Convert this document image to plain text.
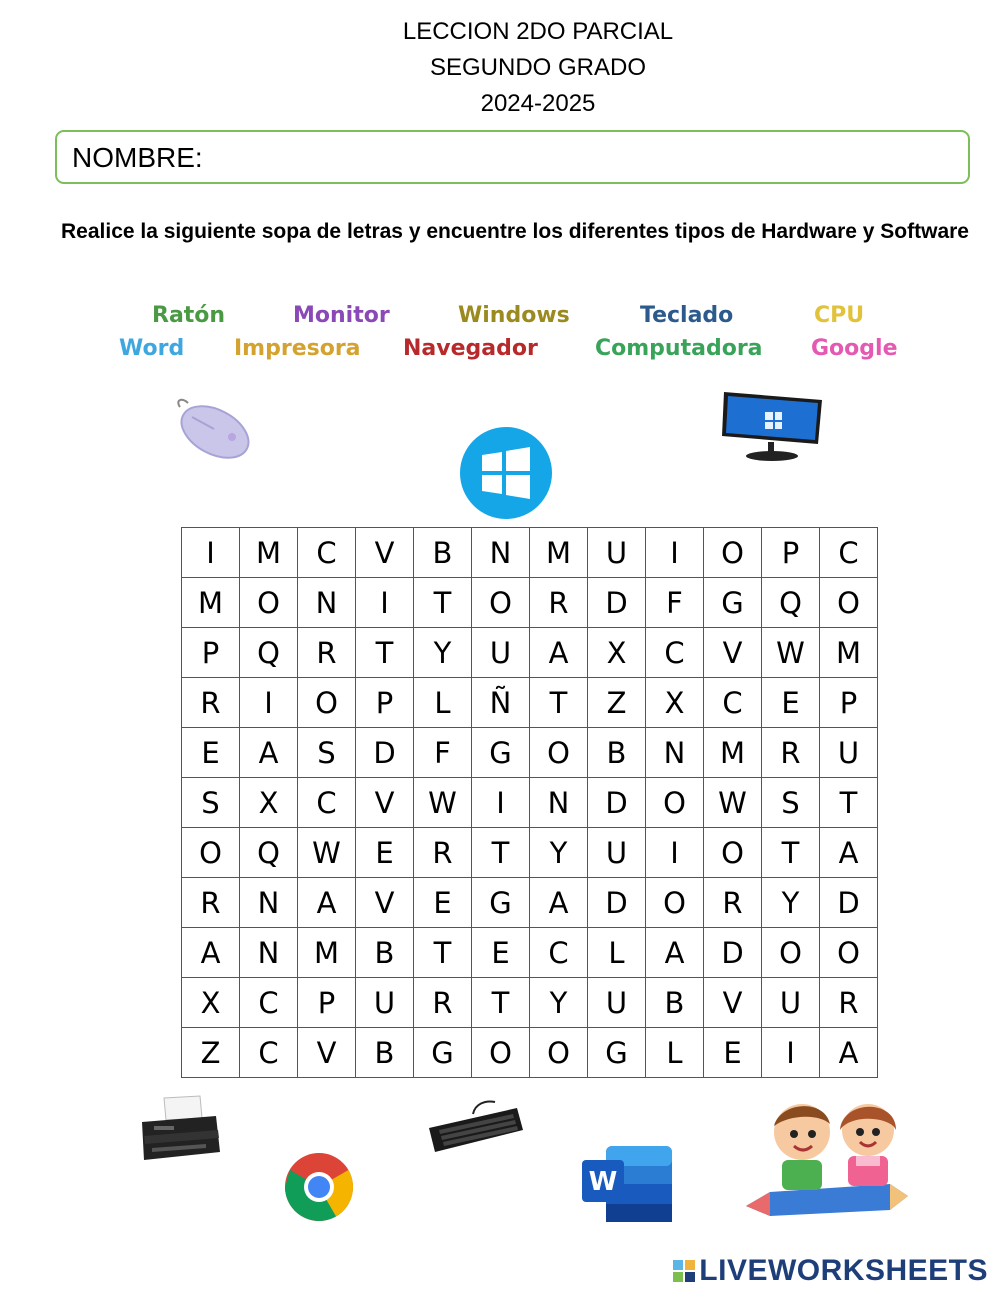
LECCION 2DO PARCIAL
SEGUNDO GRADO
2024-2025
NOMBRE:
Realice la siguiente sopa de letras y encuentre los diferentes tipos de Hardware y Software
Ratón	Monitor	Windows	Teclado	CPU
Word Impresora Navegador	Computadora Google
I	M	C	V	B	N	M	U	I	O	P	C
M	O	N	I	T	O	R	D	F	G	Q	O
P	Q	R	T	Y	U	A	X	C	V	W	M
R	I	O	P	L	Ñ	T	Z	X	C	E	P
E	A	S	D	F	G	O	B	N	M	R	U
S	X	C	V	W	I	N	D	O	W	S	T
O	Q	W	E	R	T	Y	U	I	O	T	A
R	N	A	V	E	G	A	D	O	R	Y	D
A	N	M	B	T	E	C	L	A	D	O	O
X	C	P	U	R	T	Y	U	B	V	U	R
Z	C	V	B	G	O	O	G	L	E	I	A
W
LIVEWORKSHEETS
